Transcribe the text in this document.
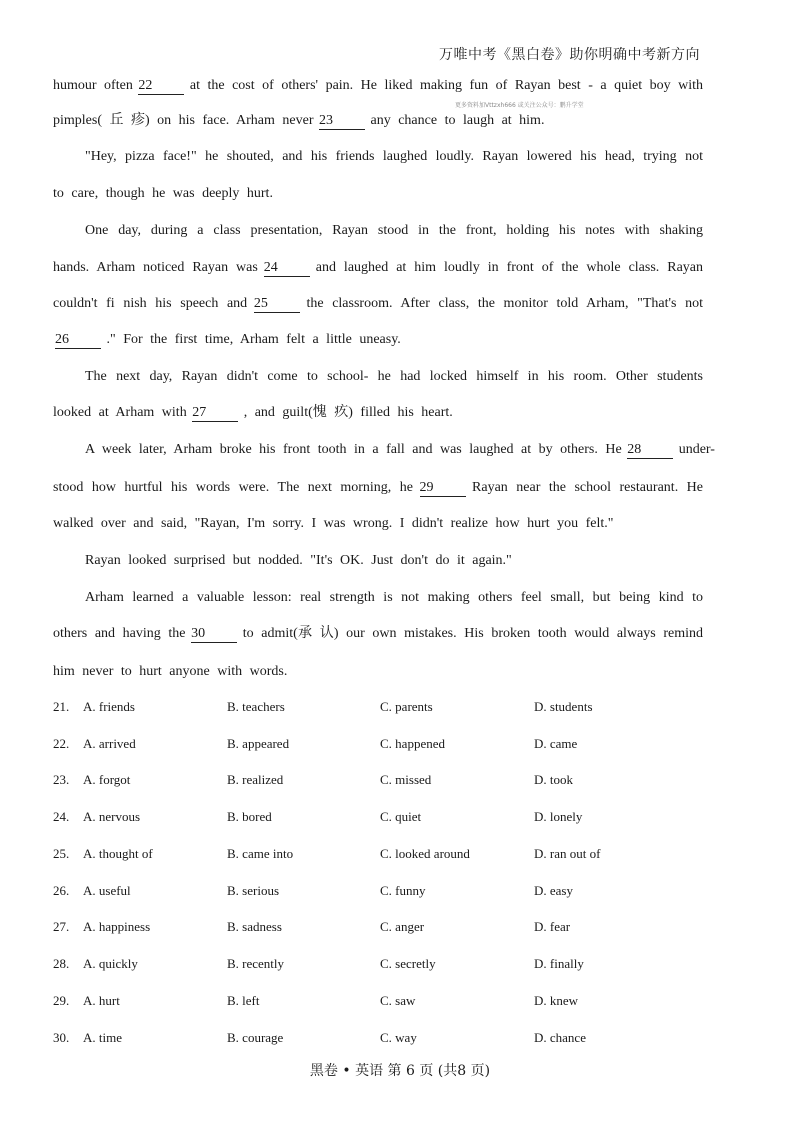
万唯中考《黑白卷》助你明确中考新方向
更多资料加Vttzxh666 或关注公众号：鹏升学堂
humour often 22	at the cost of others' pain. He liked making fun of Rayan best - a quiet boy with
pimples( 丘 疹) on his face. Arham never 23	any chance to laugh at him.
"Hey, pizza face!" he shouted, and his friends laughed loudly. Rayan lowered his head, trying not
to care, though he was deeply hurt.
One day, during a class presentation, Rayan stood in the front, holding his notes with shaking
hands. Arham noticed Rayan was 24	and laughed at him loudly in front of the whole class. Rayan
couldn't fi nish his speech and 25	the classroom. After class, the monitor told Arham, "That's not
26	." For the first time, Arham felt a little uneasy.
The next day, Rayan didn't come to school- he had locked himself in his room. Other students
looked at Arham with 27	, and guilt(愧 疚) filled his heart.
A week later, Arham broke his front tooth in a fall and was laughed at by others. He 28	under-
stood how hurtful his words were. The next morning, he 29	Rayan near the school restaurant. He
walked over and said, "Rayan, I'm sorry. I was wrong. I didn't realize how hurt you felt."
Rayan looked surprised but nodded. "It's OK. Just don't do it again."
Arham learned a valuable lesson: real strength is not making others feel small, but being kind to
others and having the 30	to admit(承 认) our own mistakes. His broken tooth would always remind
him never to hurt anyone with words.
21. A. friends	B. teachers	C. parents	D. students
22. A. arrived	B. appeared	C. happened	D. came
23. A. forgot	B. realized	C. missed	D. took
24. A. nervous	B. bored	C. quiet	D. lonely
25. A. thought of	B. came into	C. looked around	D. ran out of
26. A. useful	B. serious	C. funny	D. easy
27. A. happiness	B. sadness	C. anger	D. fear
28. A. quickly	B. recently	C. secretly	D. finally
29. A. hurt	B. left	C. saw	D. knew
30. A. time	B. courage	C. way	D. chance
黑卷 • 英语 第 6 页 (共8 页)
